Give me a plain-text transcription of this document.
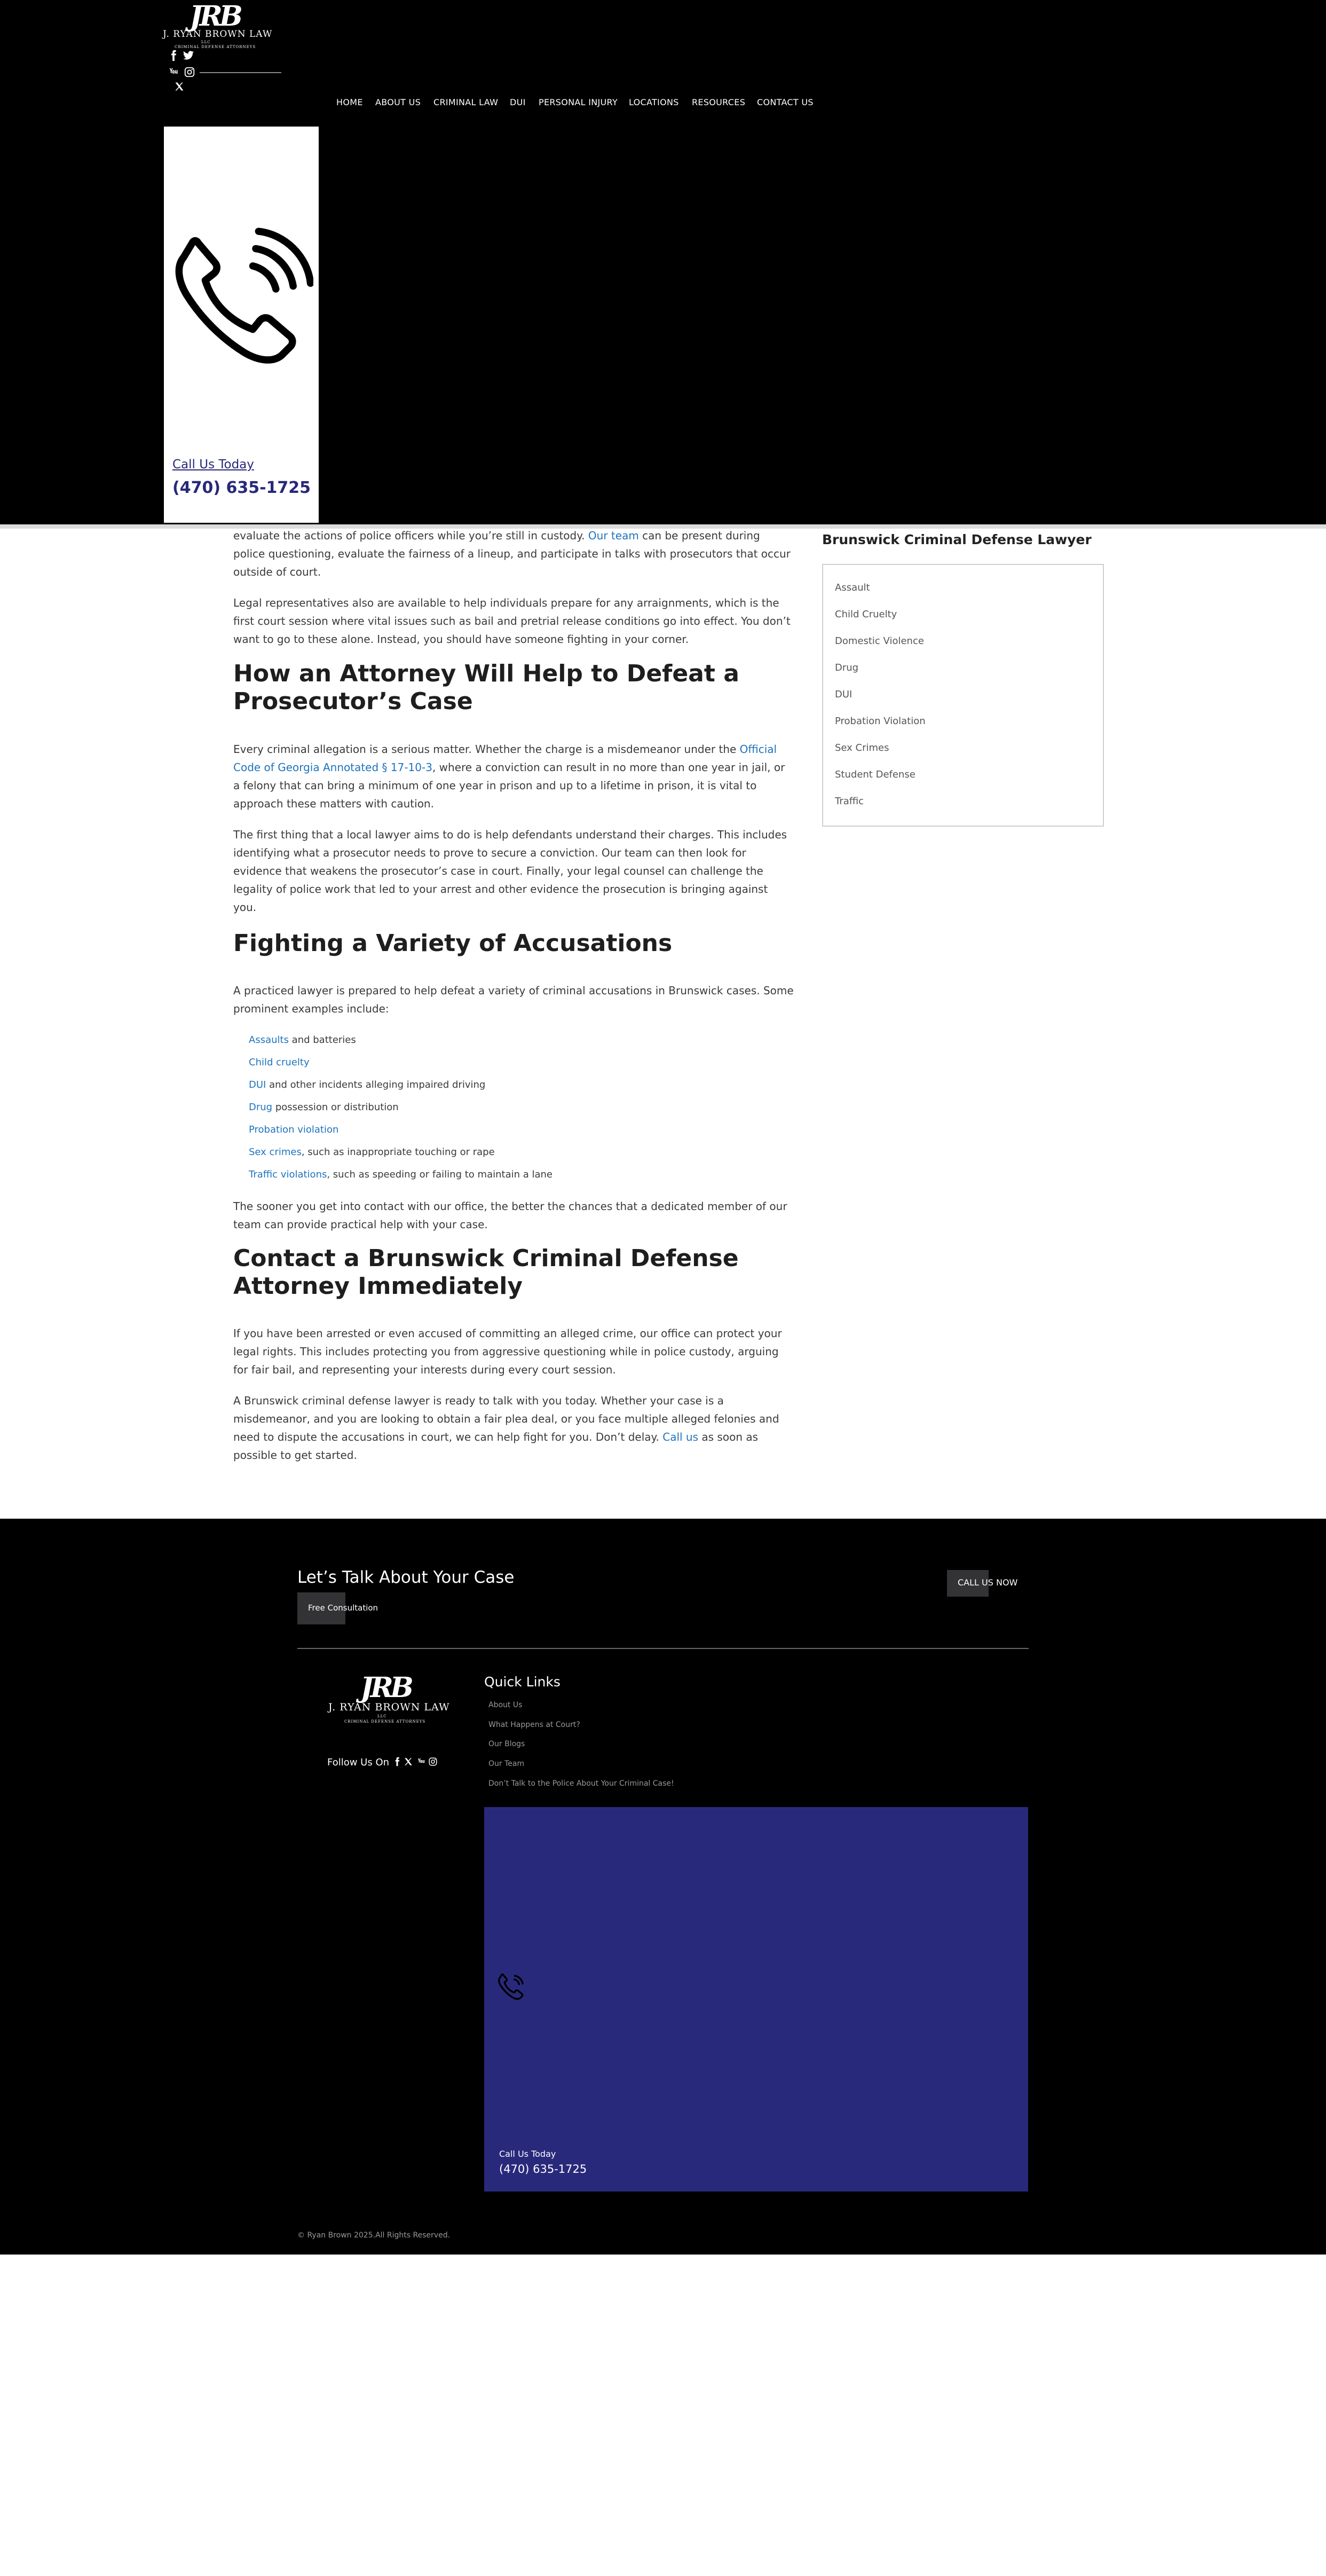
JRB
J. RYAN BROWN LAW
LLC
CRIMINAL DEFENSE ATTORNEYS
HOME ABOUT US CRIMINAL LAW DUI PERSONAL INJURY LOCATIONS RESOURCES CONTACT US
Call Us Today
(470) 635-1725
evaluate the actions of police officers while you’re still in custody. Our team can be present during police questioning, evaluate the fairness of a lineup, and participate in talks with prosecutors that occur outside of court.
Legal representatives also are available to help individuals prepare for any arraignments, which is the first court session where vital issues such as bail and pretrial release conditions go into effect. You don’t want to go to these alone. Instead, you should have someone fighting in your corner.
How an Attorney Will Help to Defeat a Prosecutor’s Case
Every criminal allegation is a serious matter. Whether the charge is a misdemeanor under the Official Code of Georgia Annotated § 17-10-3, where a conviction can result in no more than one year in jail, or a felony that can bring a minimum of one year in prison and up to a lifetime in prison, it is vital to approach these matters with caution.
The first thing that a local lawyer aims to do is help defendants understand their charges. This includes identifying what a prosecutor needs to prove to secure a conviction. Our team can then look for evidence that weakens the prosecutor’s case in court. Finally, your legal counsel can challenge the legality of police work that led to your arrest and other evidence the prosecution is bringing against you.
Fighting a Variety of Accusations
A practiced lawyer is prepared to help defeat a variety of criminal accusations in Brunswick cases. Some prominent examples include:
Assaults and batteries
Child cruelty
DUI and other incidents alleging impaired driving
Drug possession or distribution
Probation violation
Sex crimes, such as inappropriate touching or rape
Traffic violations, such as speeding or failing to maintain a lane
The sooner you get into contact with our office, the better the chances that a dedicated member of our team can provide practical help with your case.
Contact a Brunswick Criminal Defense Attorney Immediately
If you have been arrested or even accused of committing an alleged crime, our office can protect your legal rights. This includes protecting you from aggressive questioning while in police custody, arguing for fair bail, and representing your interests during every court session.
A Brunswick criminal defense lawyer is ready to talk with you today. Whether your case is a misdemeanor, and you are looking to obtain a fair plea deal, or you face multiple alleged felonies and need to dispute the accusations in court, we can help fight for you. Don’t delay. Call us as soon as possible to get started.
Brunswick Criminal Defense Lawyer
Assault
Child Cruelty
Domestic Violence
Drug
DUI
Probation Violation
Sex Crimes
Student Defense
Traffic
Let’s Talk About Your Case
Free Consultation
CALL US NOW
JRB
J. RYAN BROWN LAW
LLC
CRIMINAL DEFENSE ATTORNEYS
Follow Us On
Quick Links
About Us
What Happens at Court?
Our Blogs
Our Team
Don’t Talk to the Police About Your Criminal Case!
Call Us Today
(470) 635-1725
© Ryan Brown 2025.All Rights Reserved.
